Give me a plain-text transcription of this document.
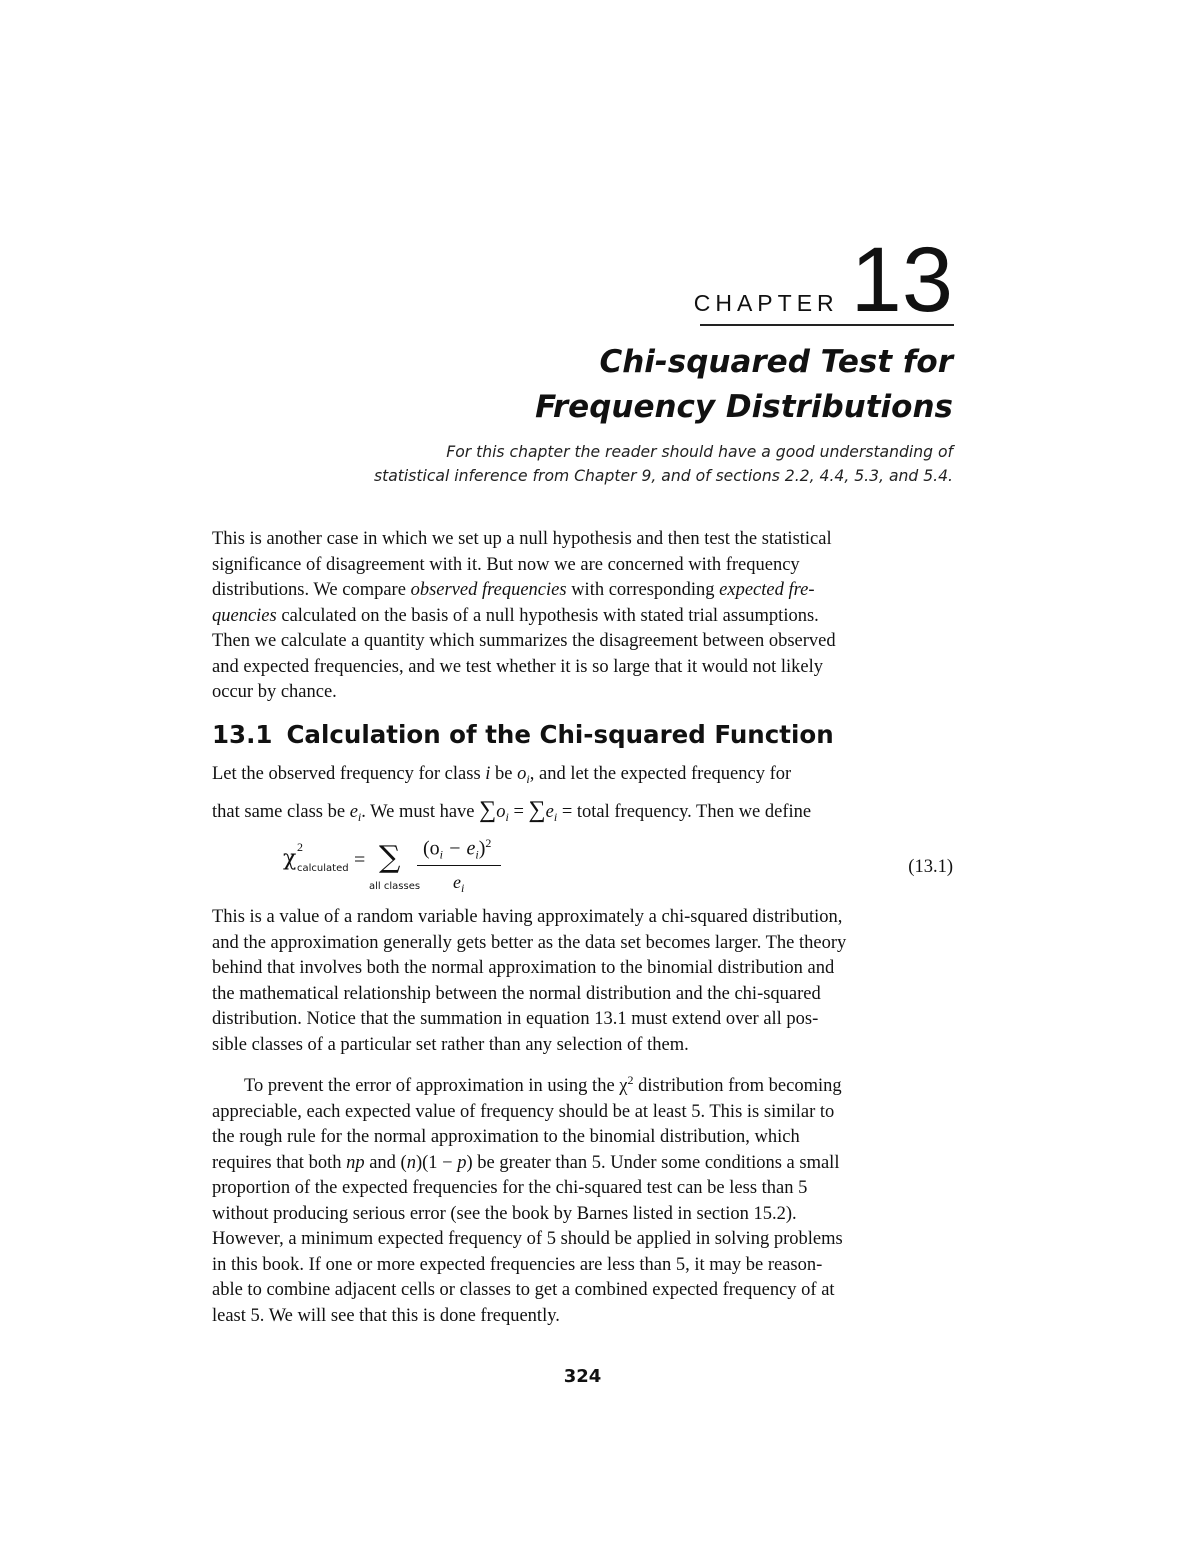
CHAPTER 13
Chi-squared Test for
Frequency Distributions
For this chapter the reader should have a good understanding of
statistical inference from Chapter 9, and of sections 2.2, 4.4, 5.3, and 5.4.
This is another case in which we set up a null hypothesis and then test the statistical
significance of disagreement with it. But now we are concerned with frequency
distributions. We compare observed frequencies with corresponding expected fre-
quencies calculated on the basis of a null hypothesis with stated trial assumptions.
Then we calculate a quantity which summarizes the disagreement between observed
and expected frequencies, and we test whether it is so large that it would not likely
occur by chance.
13.1 Calculation of the Chi-squared Function
Let the observed frequency for class i be $o_i$, and let the expected frequency for
that same class be $e_i$. We must have $\sum o_i = \sum e_i$ = total frequency. Then we define
χ 2
calculated = ∑
all classes
$(o_i - e_i)^2$
$e_i$
(13.1)
This is a value of a random variable having approximately a chi-squared distribution,
and the approximation generally gets better as the data set becomes larger. The theory
behind that involves both the normal approximation to the binomial distribution and
the mathematical relationship between the normal distribution and the chi-squared
distribution. Notice that the summation in equation 13.1 must extend over all pos-
sible classes of a particular set rather than any selection of them.
To prevent the error of approximation in using the $\chi^2$ distribution from becoming
appreciable, each expected value of frequency should be at least 5. This is similar to
the rough rule for the normal approximation to the binomial distribution, which
requires that both np and (n)(1 − p) be greater than 5. Under some conditions a small
proportion of the expected frequencies for the chi-squared test can be less than 5
without producing serious error (see the book by Barnes listed in section 15.2).
However, a minimum expected frequency of 5 should be applied in solving problems
in this book. If one or more expected frequencies are less than 5, it may be reason-
able to combine adjacent cells or classes to get a combined expected frequency of at
least 5. We will see that this is done frequently.
324
